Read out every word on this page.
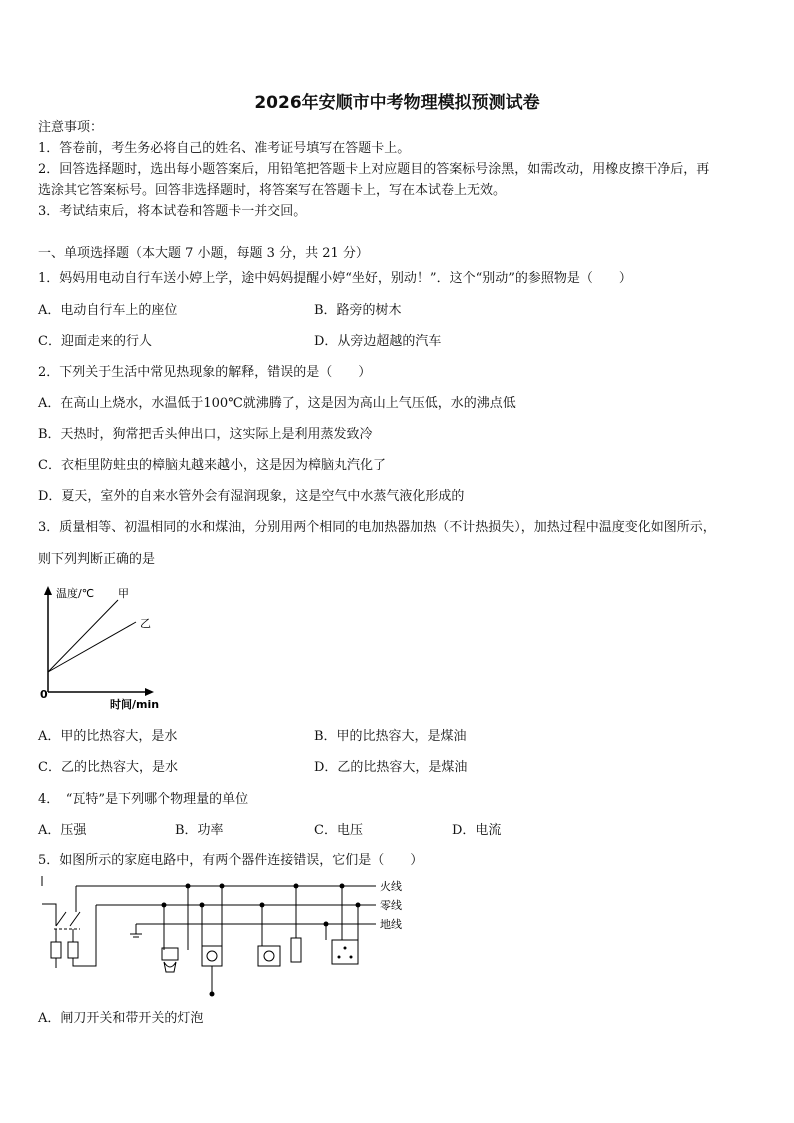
2026年安顺市中考物理模拟预测试卷
注意事项：
1．答卷前，考生务必将自己的姓名、准考证号填写在答题卡上。
2．回答选择题时，选出每小题答案后，用铅笔把答题卡上对应题目的答案标号涂黑，如需改动，用橡皮擦干净后，再
选涂其它答案标号。回答非选择题时，将答案写在答题卡上，写在本试卷上无效。
3．考试结束后，将本试卷和答题卡一并交回。
一、单项选择题（本大题 7 小题，每题 3 分，共 21 分）
1．妈妈用电动自行车送小婷上学，途中妈妈提醒小婷“坐好，别动！”．这个“别动”的参照物是（　　）
A．电动自行车上的座位	B．路旁的树木
C．迎面走来的行人	D．从旁边超越的汽车
2．下列关于生活中常见热现象的解释，错误的是（　　）
A．在高山上烧水，水温低于100℃就沸腾了，这是因为高山上气压低，水的沸点低
B．天热时，狗常把舌头伸出口，这实际上是利用蒸发致冷
C．衣柜里防蛀虫的樟脑丸越来越小，这是因为樟脑丸汽化了
D．夏天，室外的自来水管外会有湿润现象，这是空气中水蒸气液化形成的
3．质量相等、初温相同的水和煤油，分别用两个相同的电加热器加热（不计热损失），加热过程中温度变化如图所示，
则下列判断正确的是
温度/℃ 甲
乙
0
时间/min
A．甲的比热容大，是水	B．甲的比热容大，是煤油
C．乙的比热容大，是水	D．乙的比热容大，是煤油
4．　“瓦特”是下列哪个物理量的单位
A．压强	B．功率	C．电压	D．电流
5．如图所示的家庭电路中，有两个器件连接错误，它们是（　　）
火线
零线
地线
A．闸刀开关和带开关的灯泡
